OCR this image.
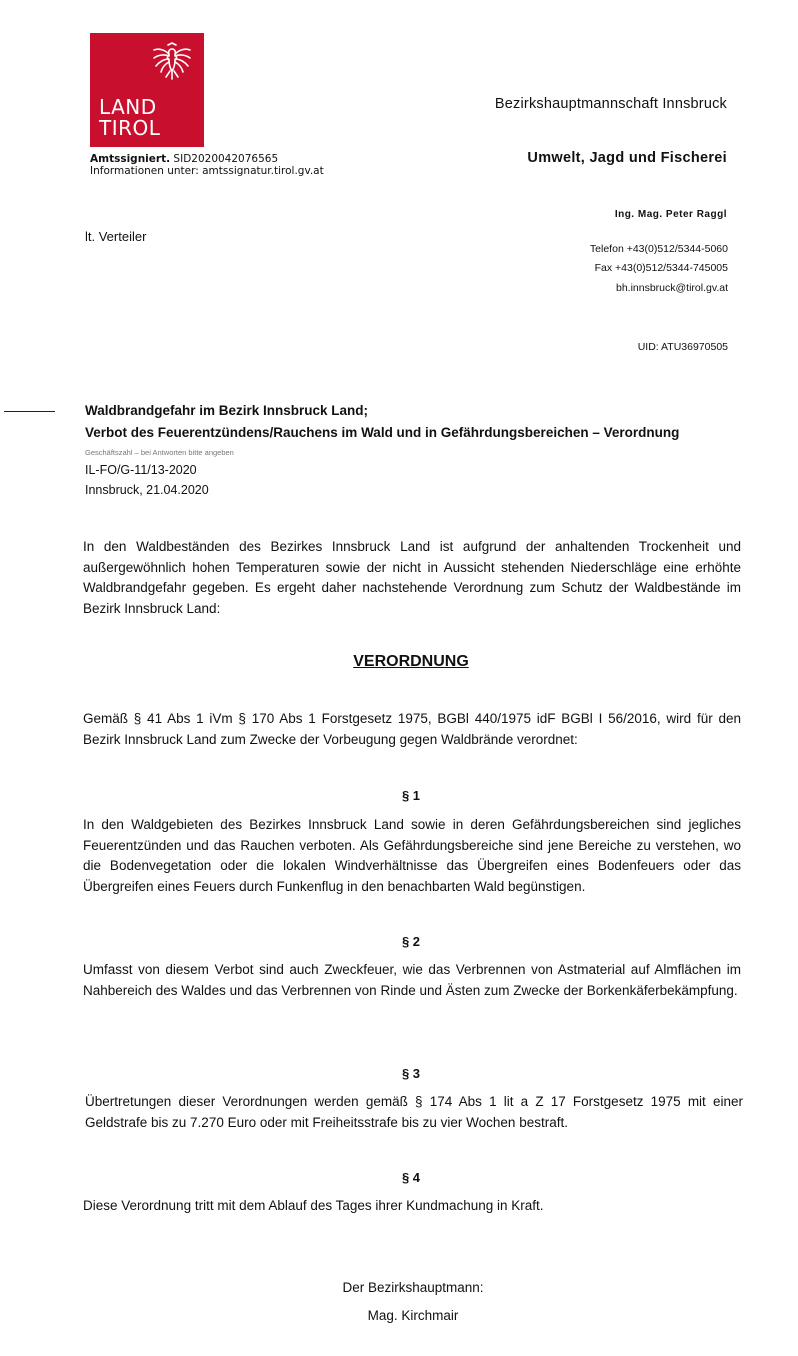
LAND
TIROL
Amtssigniert. SID2020042076565
Informationen unter: amtssignatur.tirol.gv.at
Bezirkshauptmannschaft Innsbruck
Umwelt, Jagd und Fischerei
Ing. Mag. Peter Raggl
Telefon +43(0)512/5344-5060
Fax +43(0)512/5344-745005
bh.innsbruck@tirol.gv.at
UID: ATU36970505
lt. Verteiler
Waldbrandgefahr im Bezirk Innsbruck Land;
Verbot des Feuerentzündens/Rauchens im Wald und in Gefährdungsbereichen – Verordnung
Geschäftszahl – bei Antworten bitte angeben
IL-FO/G-11/13-2020
Innsbruck, 21.04.2020
In den Waldbeständen des Bezirkes Innsbruck Land ist aufgrund der anhaltenden Trockenheit und außergewöhnlich hohen Temperaturen sowie der nicht in Aussicht stehenden Niederschläge eine erhöhte Waldbrandgefahr gegeben. Es ergeht daher nachstehende Verordnung zum Schutz der Waldbestände im Bezirk Innsbruck Land:
VERORDNUNG
Gemäß § 41 Abs 1 iVm § 170 Abs 1 Forstgesetz 1975, BGBl 440/1975 idF BGBl I 56/2016, wird für den Bezirk Innsbruck Land zum Zwecke der Vorbeugung gegen Waldbrände verordnet:
§ 1
In den Waldgebieten des Bezirkes Innsbruck Land sowie in deren Gefährdungsbereichen sind jegliches Feuerentzünden und das Rauchen verboten. Als Gefährdungsbereiche sind jene Bereiche zu verstehen, wo die Bodenvegetation oder die lokalen Windverhältnisse das Übergreifen eines Bodenfeuers oder das Übergreifen eines Feuers durch Funkenflug in den benachbarten Wald begünstigen.
§ 2
Umfasst von diesem Verbot sind auch Zweckfeuer, wie das Verbrennen von Astmaterial auf Almflächen im Nahbereich des Waldes und das Verbrennen von Rinde und Ästen zum Zwecke der Borkenkäferbekämpfung.
§ 3
Übertretungen dieser Verordnungen werden gemäß § 174 Abs 1 lit a Z 17 Forstgesetz 1975 mit einer Geldstrafe bis zu 7.270 Euro oder mit Freiheitsstrafe bis zu vier Wochen bestraft.
§ 4
Diese Verordnung tritt mit dem Ablauf des Tages ihrer Kundmachung in Kraft.
Der Bezirkshauptmann:
Mag. Kirchmair
